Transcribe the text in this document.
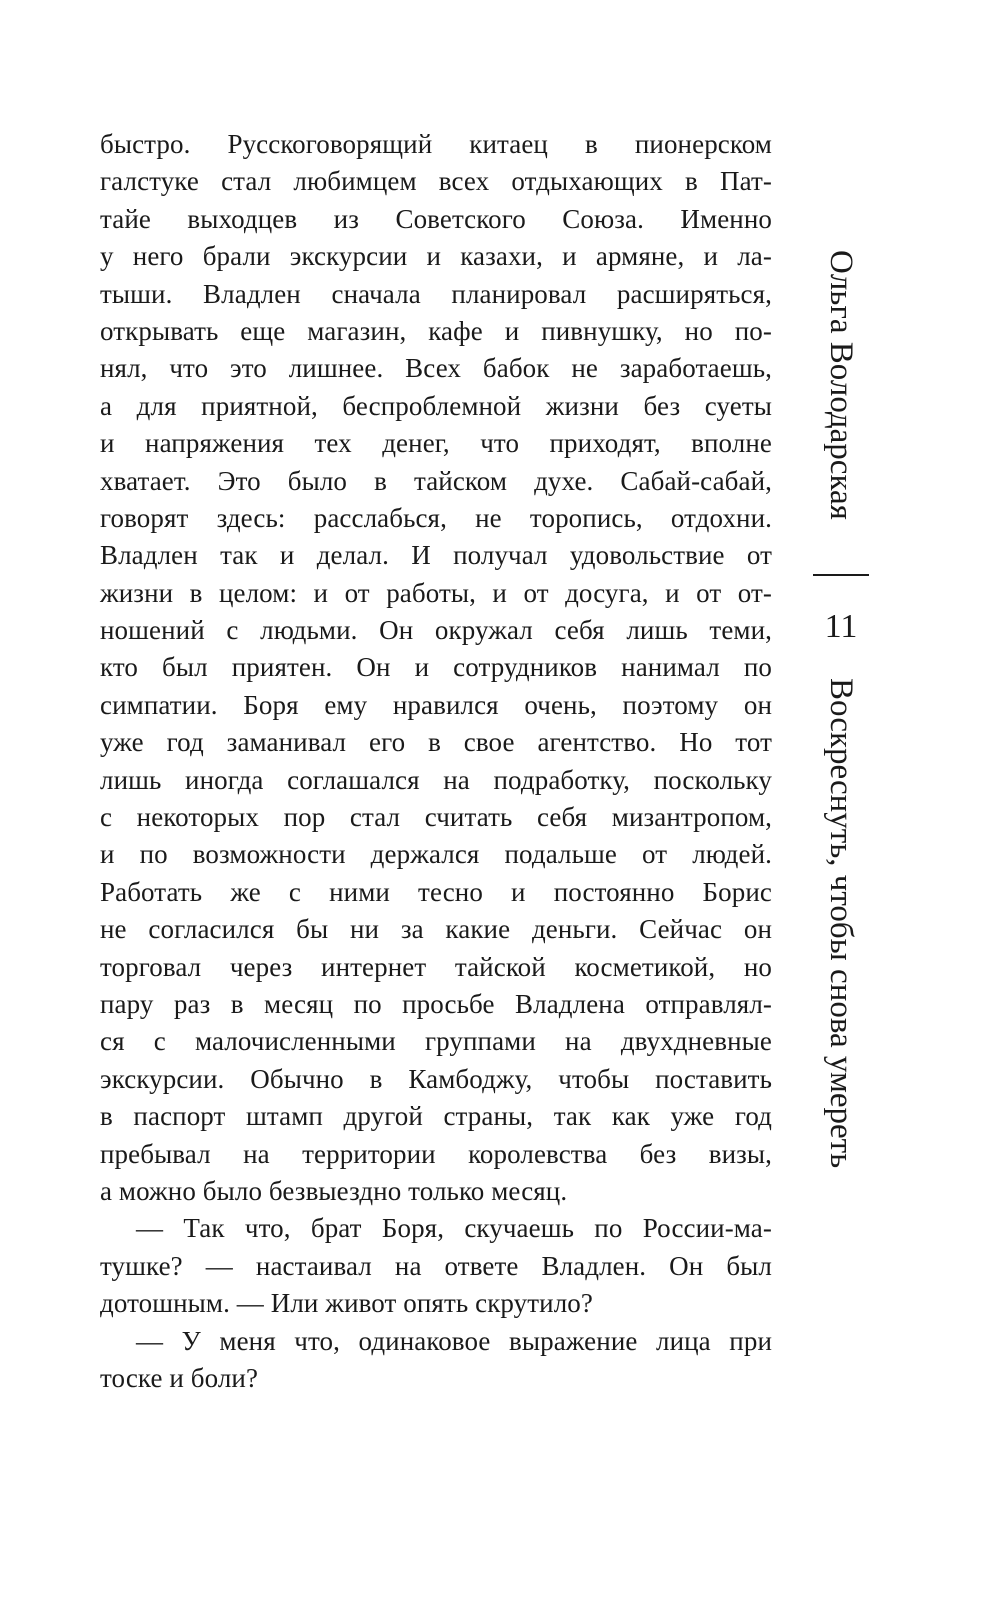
быстро. Русскоговорящий китаец в пионерском
галстуке стал любимцем всех отдыхающих в Пат-
тайе выходцев из Советского Союза. Именно
у него брали экскурсии и казахи, и армяне, и ла-
тыши. Владлен сначала планировал расширяться,
открывать еще магазин, кафе и пивнушку, но по-
нял, что это лишнее. Всех бабок не заработаешь,
а для приятной, беспроблемной жизни без суеты
и напряжения тех денег, что приходят, вполне
хватает. Это было в тайском духе. Сабай-сабай,
говорят здесь: расслабься, не торопись, отдохни.
Владлен так и делал. И получал удовольствие от
жизни в целом: и от работы, и от досуга, и от от-
ношений с людьми. Он окружал себя лишь теми,
кто был приятен. Он и сотрудников нанимал по
симпатии. Боря ему нравился очень, поэтому он
уже год заманивал его в свое агентство. Но тот
лишь иногда соглашался на подработку, поскольку
с некоторых пор стал считать себя мизантропом,
и по возможности держался подальше от людей.
Работать же с ними тесно и постоянно Борис
не согласился бы ни за какие деньги. Сейчас он
торговал через интернет тайской косметикой, но
пару раз в месяц по просьбе Владлена отправлял-
ся с малочисленными группами на двухдневные
экскурсии. Обычно в Камбоджу, чтобы поставить
в паспорт штамп другой страны, так как уже год
пребывал на территории королевства без визы,
а можно было безвыездно только месяц.
— Так что, брат Боря, скучаешь по России-ма-
тушке? — настаивал на ответе Владлен. Он был
дотошным. — Или живот опять скрутило?
— У меня что, одинаковое выражение лица при
тоске и боли?
Ольга Володарская
11
Воскреснуть, чтобы снова умереть
